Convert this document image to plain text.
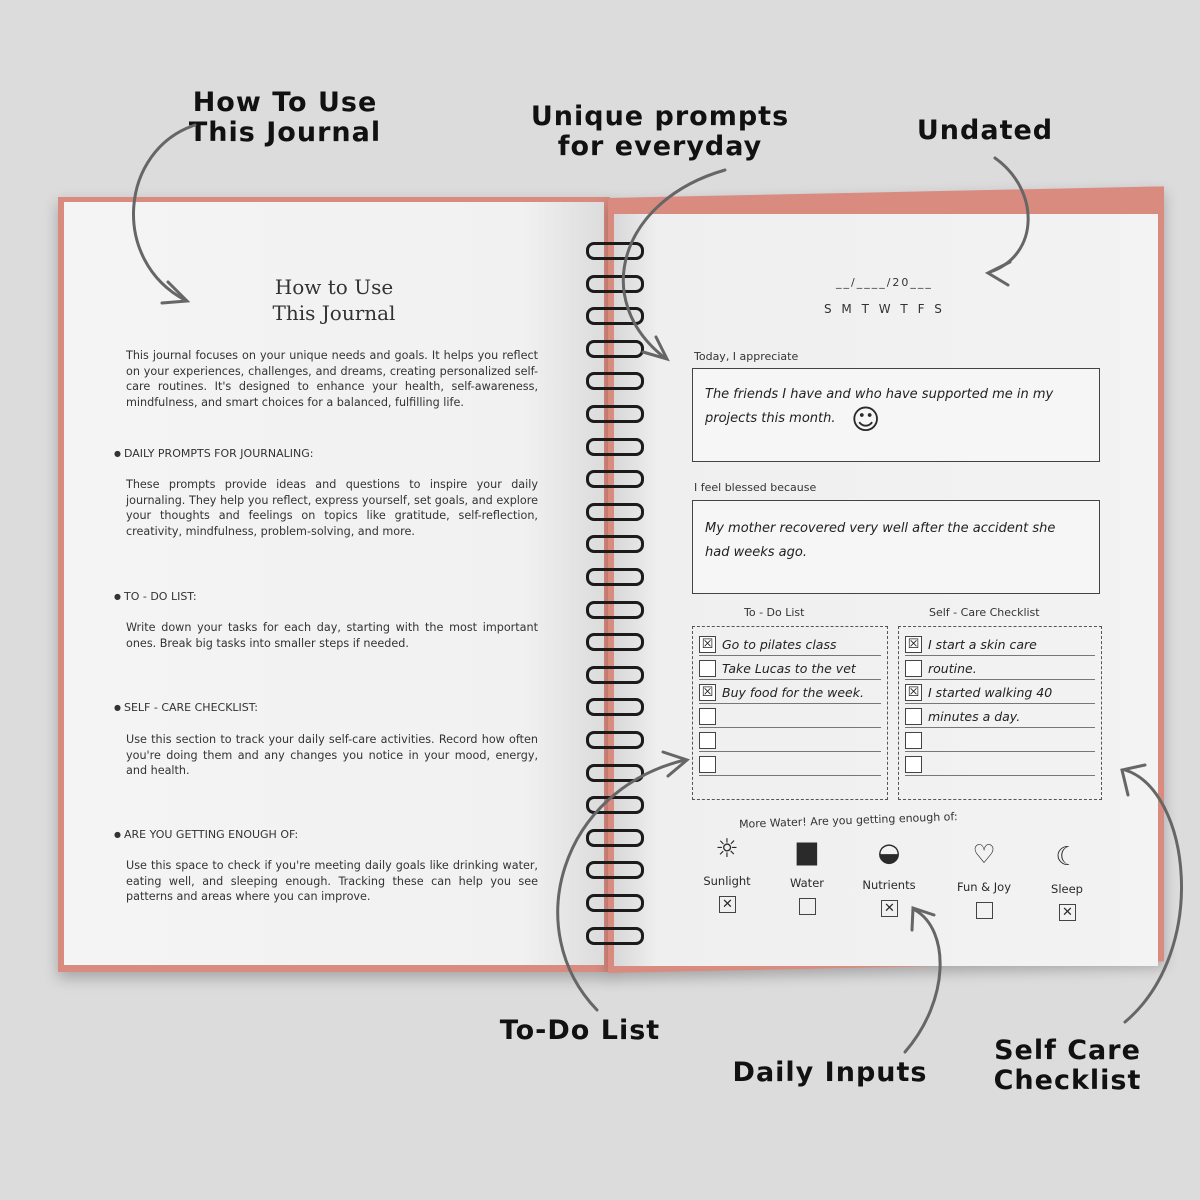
How To Use
This Journal
Unique prompts
for everyday
Undated
To-Do List
Daily Inputs
Self Care
Checklist
How to Use
This Journal
This journal focuses on your unique needs and goals. It helps you reflect on your experiences, challenges, and dreams, creating personalized self-care routines. It's designed to enhance your health, self-awareness, mindfulness, and smart choices for a balanced, fulfilling life.
● DAILY PROMPTS FOR JOURNALING:
These prompts provide ideas and questions to inspire your daily journaling. They help you reflect, express yourself, set goals, and explore your thoughts and feelings on topics like gratitude, self-reflection, creativity, mindfulness, problem-solving, and more.
● TO - DO LIST:
Write down your tasks for each day, starting with the most important ones. Break big tasks into smaller steps if needed.
● SELF - CARE CHECKLIST:
Use this section to track your daily self-care activities. Record how often you're doing them and any changes you notice in your mood, energy, and health.
● ARE YOU GETTING ENOUGH OF:
Use this space to check if you're meeting daily goals like drinking water, eating well, and sleeping enough. Tracking these can help you see patterns and areas where you can improve.
__/____/20___
S M T W T F S
Today, I appreciate
The friends I have and who have supported me in my projects this month. ☺
I feel blessed because
My mother recovered very well after the accident she had weeks ago.
To - Do List	Self - Care Checklist
☒ Go to pilates class
Take Lucas to the vet
☒ Buy food for the week.
☒ I start a skin care
routine.
☒ I started walking 40
minutes a day.
More Water! Are you getting enough of:
☼
Sunlight
✕
▆
Water
◒
Nutrients
✕
♡
Fun & Joy
☾
Sleep
✕
